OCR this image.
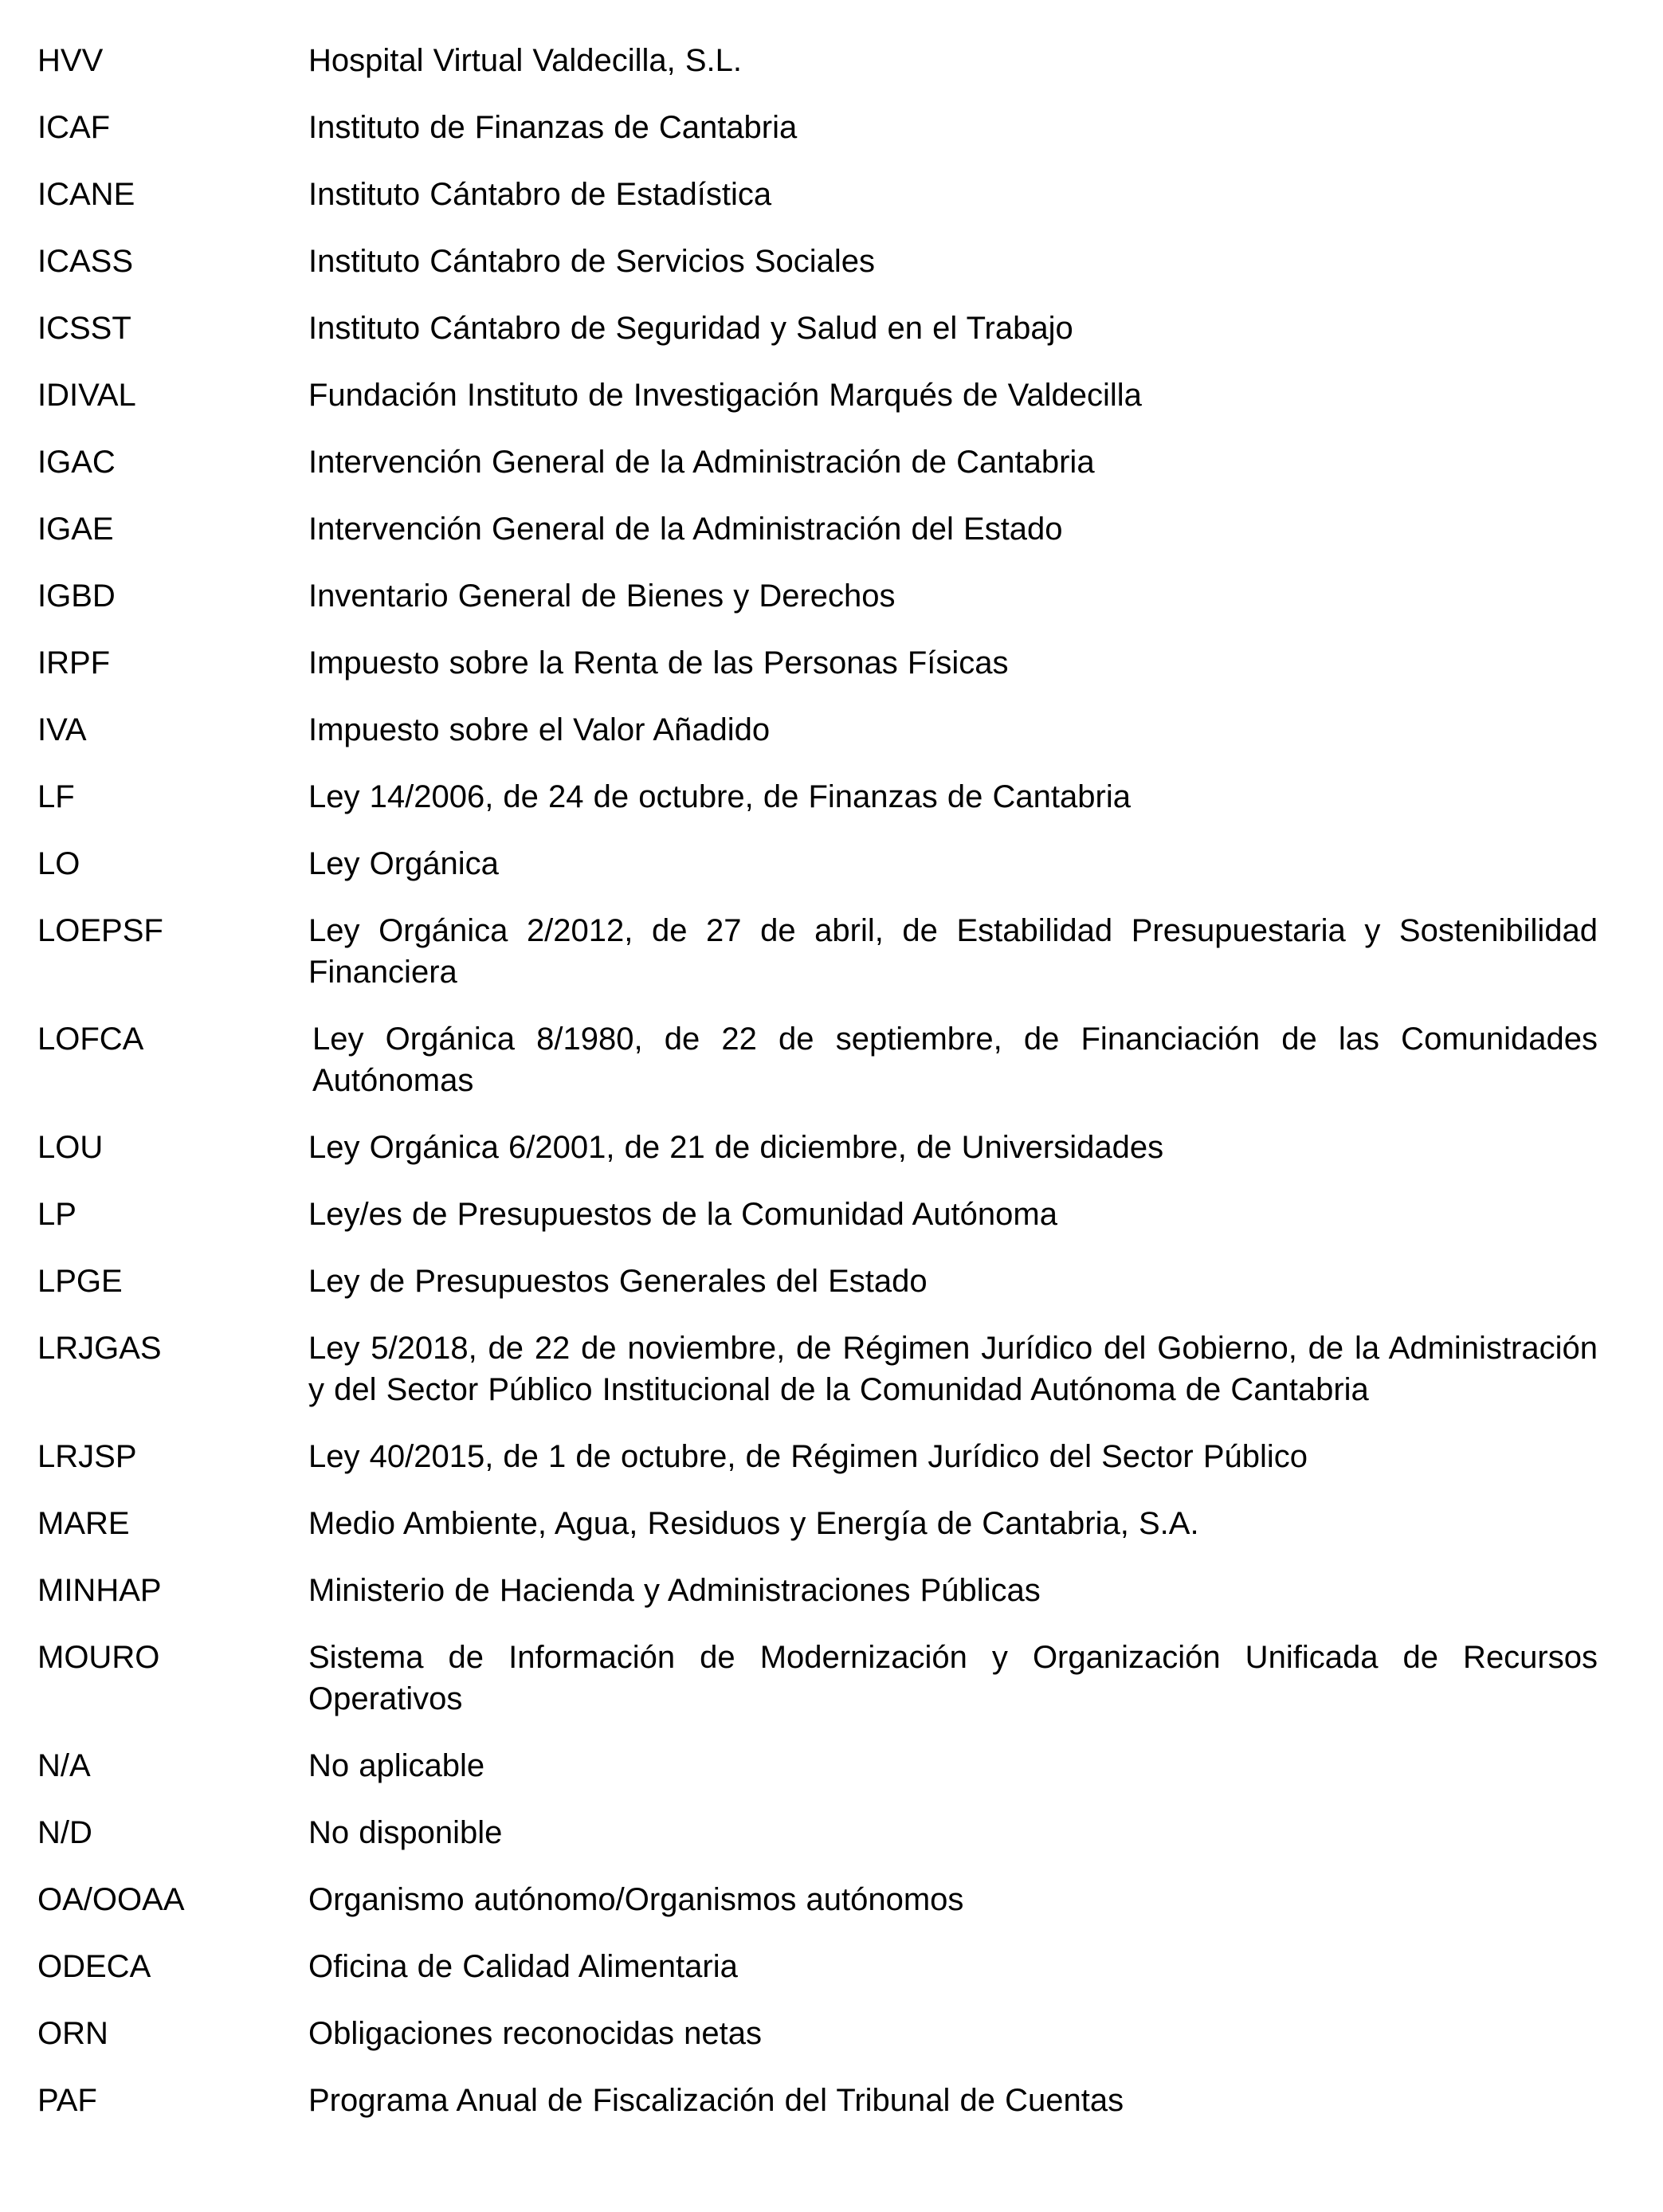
HVV	Hospital Virtual Valdecilla, S.L.
ICAF	Instituto de Finanzas de Cantabria
ICANE	Instituto Cántabro de Estadística
ICASS	Instituto Cántabro de Servicios Sociales
ICSST	Instituto Cántabro de Seguridad y Salud en el Trabajo
IDIVAL	Fundación Instituto de Investigación Marqués de Valdecilla
IGAC	Intervención General de la Administración de Cantabria
IGAE	Intervención General de la Administración del Estado
IGBD	Inventario General de Bienes y Derechos
IRPF	Impuesto sobre la Renta de las Personas Físicas
IVA	Impuesto sobre el Valor Añadido
LF	Ley 14/2006, de 24 de octubre, de Finanzas de Cantabria
LO	Ley Orgánica
LOEPSF	Ley Orgánica 2/2012, de 27 de abril, de Estabilidad Presupuestaria y Sostenibilidad Financiera
LOFCA	Ley Orgánica 8/1980, de 22 de septiembre, de Financiación de las Comunidades Autónomas
LOU	Ley Orgánica 6/2001, de 21 de diciembre, de Universidades
LP	Ley/es de Presupuestos de la Comunidad Autónoma
LPGE	Ley de Presupuestos Generales del Estado
LRJGAS	Ley 5/2018, de 22 de noviembre, de Régimen Jurídico del Gobierno, de la Administración y del Sector Público Institucional de la Comunidad Autónoma de Cantabria
LRJSP	Ley 40/2015, de 1 de octubre, de Régimen Jurídico del Sector Público
MARE	Medio Ambiente, Agua, Residuos y Energía de Cantabria, S.A.
MINHAP	Ministerio de Hacienda y Administraciones Públicas
MOURO	Sistema de Información de Modernización y Organización Unificada de Recursos Operativos
N/A	No aplicable
N/D	No disponible
OA/OOAA	Organismo autónomo/Organismos autónomos
ODECA	Oficina de Calidad Alimentaria
ORN	Obligaciones reconocidas netas
PAF	Programa Anual de Fiscalización del Tribunal de Cuentas
